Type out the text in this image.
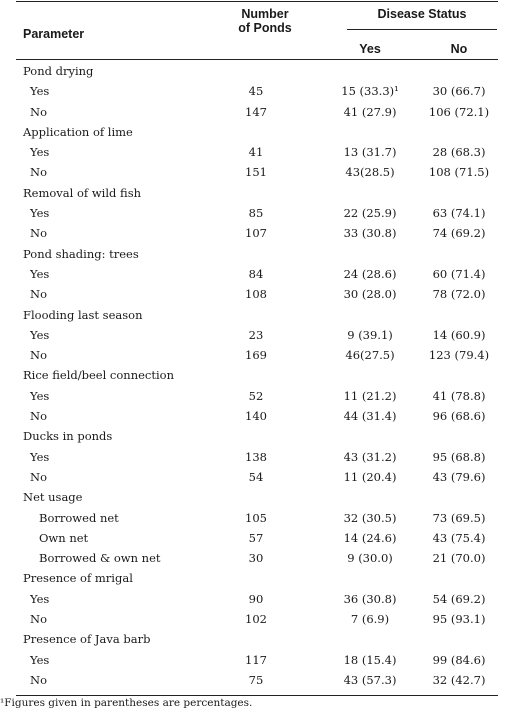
Parameter
Number
of Ponds
Disease Status
Yes	No
Pond drying
Yes	45	15 (33.3)¹	30 (66.7)
No	147	41 (27.9)	106 (72.1)
Application of lime
Yes	41	13 (31.7)	28 (68.3)
No	151	43(28.5)	108 (71.5)
Removal of wild fish
Yes	85	22 (25.9)	63 (74.1)
No	107	33 (30.8)	74 (69.2)
Pond shading: trees
Yes	84	24 (28.6)	60 (71.4)
No	108	30 (28.0)	78 (72.0)
Flooding last season
Yes	23	9 (39.1)	14 (60.9)
No	169	46(27.5)	123 (79.4)
Rice field/beel connection
Yes	52	11 (21.2)	41 (78.8)
No	140	44 (31.4)	96 (68.6)
Ducks in ponds
Yes	138	43 (31.2)	95 (68.8)
No	54	11 (20.4)	43 (79.6)
Net usage
Borrowed net	105	32 (30.5)	73 (69.5)
Own net	57	14 (24.6)	43 (75.4)
Borrowed & own net	30	9 (30.0)	21 (70.0)
Presence of mrigal
Yes	90	36 (30.8)	54 (69.2)
No	102	7 (6.9)	95 (93.1)
Presence of Java barb
Yes	117	18 (15.4)	99 (84.6)
No	75	43 (57.3)	32 (42.7)
¹Figures given in parentheses are percentages.
